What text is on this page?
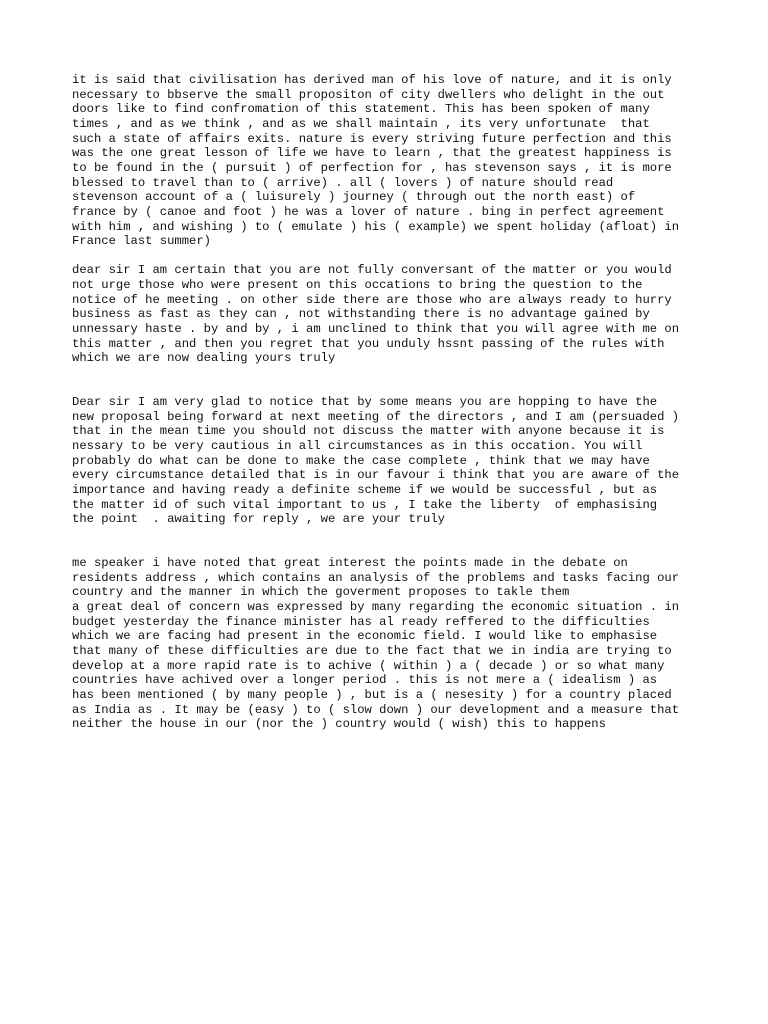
it is said that civilisation has derived man of his love of nature, and it is only
necessary to bbserve the small propositon of city dwellers who delight in the out
doors like to find confromation of this statement. This has been spoken of many
times , and as we think , and as we shall maintain , its very unfortunate  that
such a state of affairs exits. nature is every striving future perfection and this
was the one great lesson of life we have to learn , that the greatest happiness is
to be found in the ( pursuit ) of perfection for , has stevenson says , it is more
blessed to travel than to ( arrive) . all ( lovers ) of nature should read
stevenson account of a ( luisurely ) journey ( through out the north east) of
france by ( canoe and foot ) he was a lover of nature . bing in perfect agreement
with him , and wishing ) to ( emulate ) his ( example) we spent holiday (afloat) in
France last summer)
dear sir I am certain that you are not fully conversant of the matter or you would
not urge those who were present on this occations to bring the question to the
notice of he meeting . on other side there are those who are always ready to hurry
business as fast as they can , not withstanding there is no advantage gained by
unnessary haste . by and by , i am unclined to think that you will agree with me on
this matter , and then you regret that you unduly hssnt passing of the rules with
which we are now dealing yours truly
Dear sir I am very glad to notice that by some means you are hopping to have the
new proposal being forward at next meeting of the directors , and I am (persuaded )
that in the mean time you should not discuss the matter with anyone because it is
nessary to be very cautious in all circumstances as in this occation. You will
probably do what can be done to make the case complete , think that we may have
every circumstance detailed that is in our favour i think that you are aware of the
importance and having ready a definite scheme if we would be successful , but as
the matter id of such vital important to us , I take the liberty  of emphasising
the point  . awaiting for reply , we are your truly
me speaker i have noted that great interest the points made in the debate on
residents address , which contains an analysis of the problems and tasks facing our
country and the manner in which the goverment proposes to takle them
a great deal of concern was expressed by many regarding the economic situation . in
budget yesterday the finance minister has al ready reffered to the difficulties
which we are facing had present in the economic field. I would like to emphasise
that many of these difficulties are due to the fact that we in india are trying to
develop at a more rapid rate is to achive ( within ) a ( decade ) or so what many
countries have achived over a longer period . this is not mere a ( idealism ) as
has been mentioned ( by many people ) , but is a ( nesesity ) for a country placed
as India as . It may be (easy ) to ( slow down ) our development and a measure that
neither the house in our (nor the ) country would ( wish) this to happens
